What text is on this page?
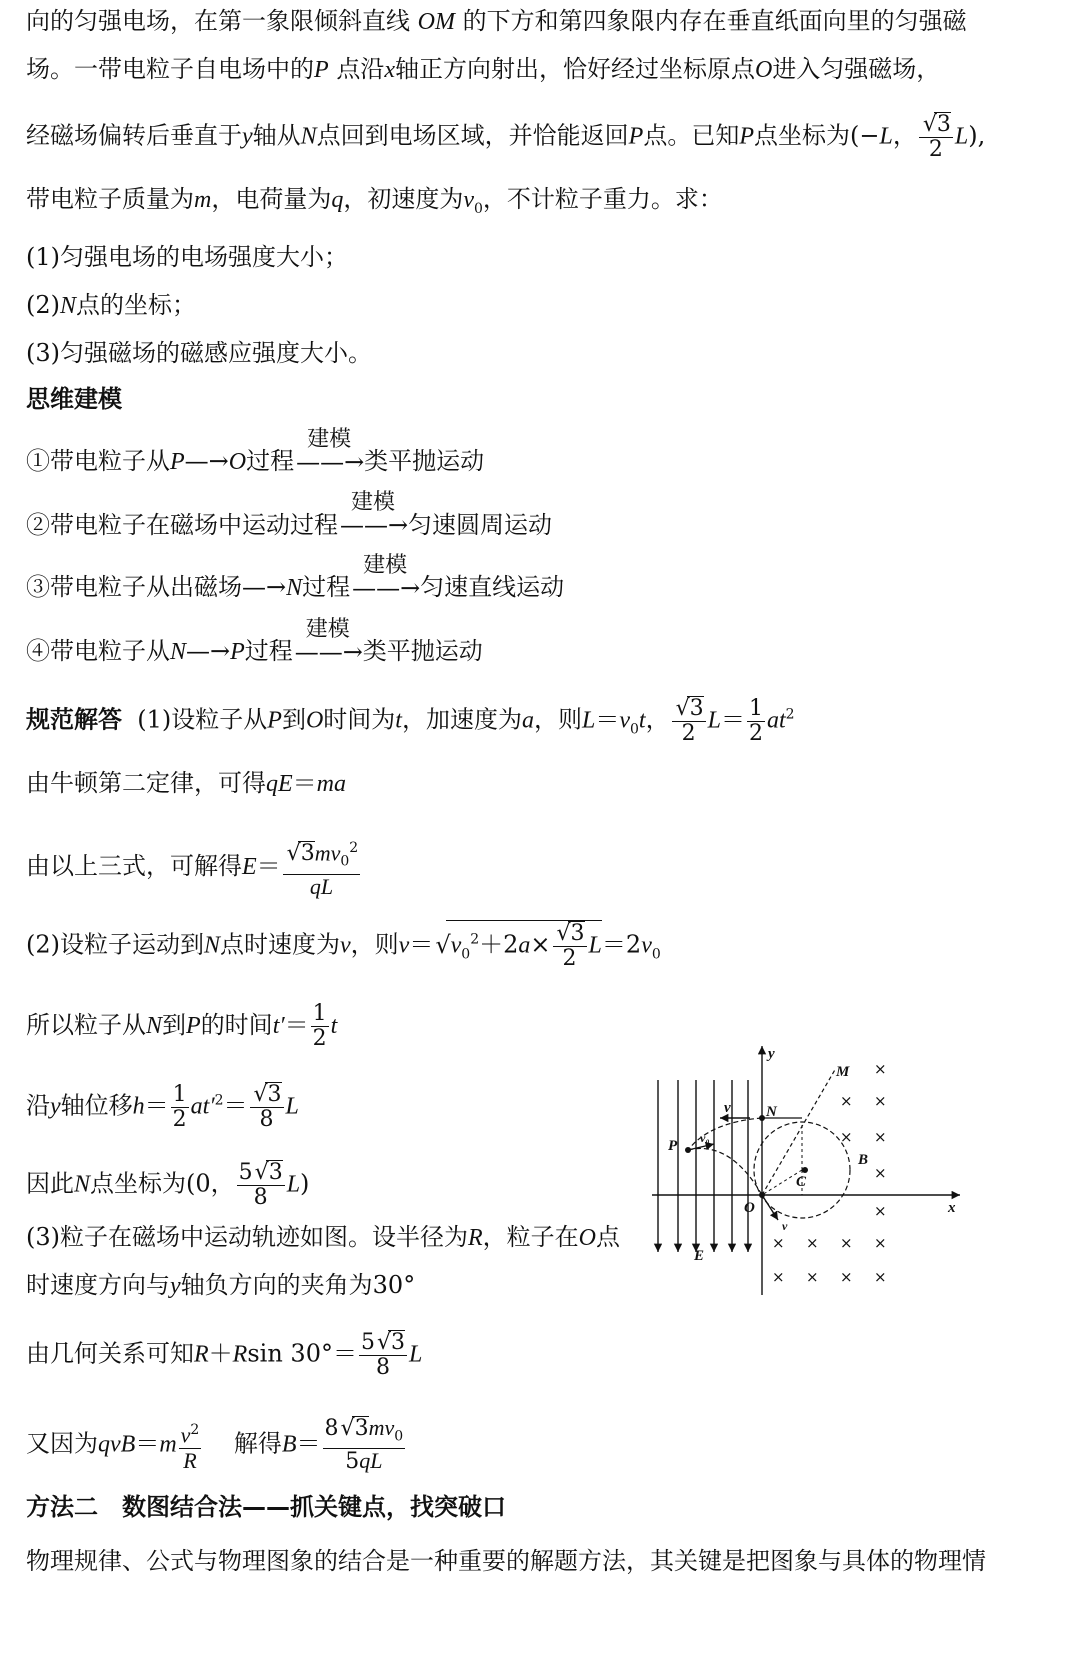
向的匀强电场，在第一象限倾斜直线 OM 的下方和第四象限内存在垂直纸面向里的匀强磁
场。一带电粒子自电场中的P 点沿x轴正方向射出，恰好经过坐标原点O进入匀强磁场，
经磁场偏转后垂直于y轴从N点回到电场区域，并恰能返回P点。已知P点坐标为(−L， √ $\frac{3}{2} L$),
带电粒子质量为m，电荷量为q，初速度为$v_0$，不计粒子重力。求：
(1)匀强电场的电场强度大小；
(2)N点的坐标；
(3)匀强磁场的磁感应强度大小。
思维建模
①带电粒子从P—→O过程
建模
——→类平抛运动
②带电粒子在磁场中运动过程
建模
——→匀速圆周运动
③带电粒子从出磁场—→N过程
建模
——→匀速直线运动
④带电粒子从N—→P过程
建模
——→类平抛运动
规范解答 (1)设粒子从P到O时间为t，加速度为a，则$L=v_0t$， √ $\frac{3}{2} L= \frac{1}{2} at^2$
由牛顿第二定律，可得qE＝ma
由以上三式，可解得E＝ √ $\frac{3mv_0^2}{qL}$
(2)设粒子运动到N点时速度为v，则v＝ √ $v_0^2+2a\times$ √ $\frac{3}{2} L=2v_0$
所以粒子从N到P的时间$t'= \frac{1}{2}$ t
沿y轴位移$h= \frac{1}{2} at'^2=$ √ $\frac{3}{8}$ L
因此N点坐标为(0， $\frac{5 √ 3}{8} L$)
(3)粒子在磁场中运动轨迹如图。设半径为R，粒子在O点
时速度方向与y轴负方向的夹角为30°
由几何关系可知R＋Rsin $30^\circ= \frac{5 √ 3}{8}$ L
又因为$qvB=m \frac{v^2}{R}$ 解得$B= \frac{8 √ 3mv_0}{5qL}$
方法二　数图结合法——抓关键点，找突破口
物理规律、公式与物理图象的结合是一种重要的解题方法，其关键是把图象与具体的物理情
×
× ×
× ×
×
×
× × × ×
× × × ×
y
x
O
M
N
P
B
C
E
v
v₀
v
